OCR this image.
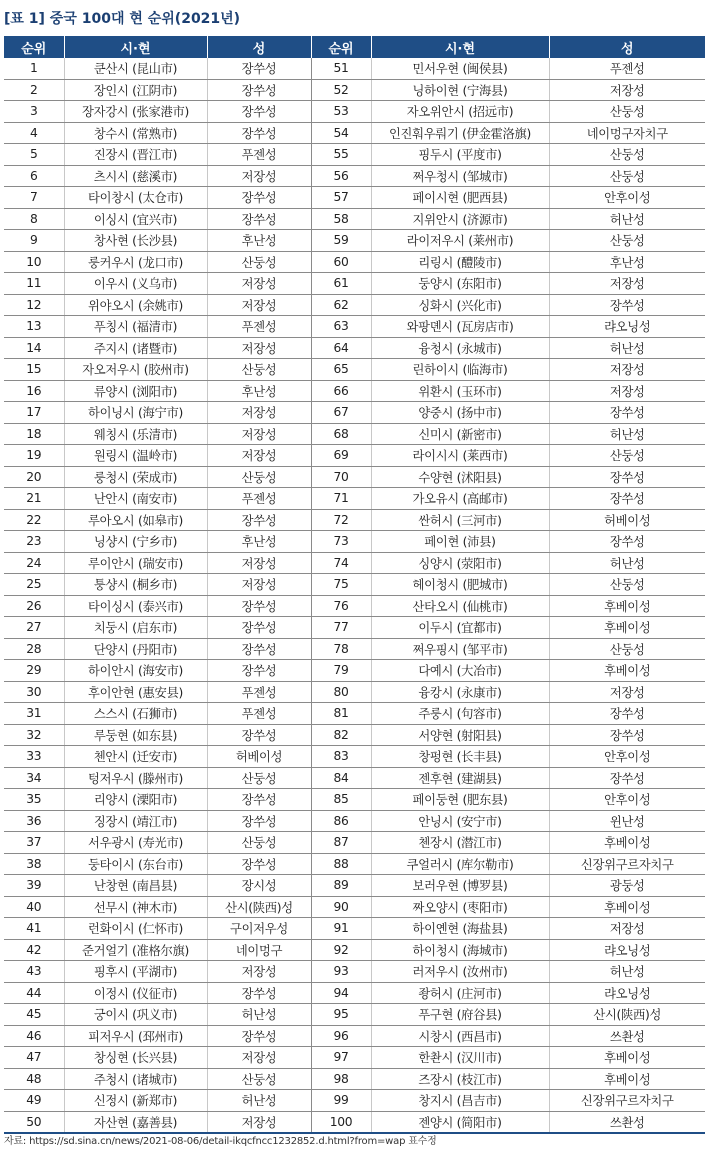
[표 1] 중국 100대 현 순위(2021년)
순위	시·현	성	순위	시·현	성
1	쿤산시 (昆山市)	장쑤성	51	민서우현 (闽侯县)	푸젠성
2	장인시 (江阴市)	장쑤성	52	닝하이현 (宁海县)	저장성
3	장자강시 (张家港市)	장쑤성	53	자오위안시 (招远市)	산둥성
4	창수시 (常熟市)	장쑤성	54	인진훠우뤄기 (伊金霍洛旗)	네이멍구자치구
5	진장시 (晋江市)	푸젠성	55	핑두시 (平度市)	산둥성
6	츠시시 (慈溪市)	저장성	56	쩌우청시 (邹城市)	산둥성
7	타이창시 (太仓市)	장쑤성	57	페이시현 (肥西县)	안후이성
8	이싱시 (宜兴市)	장쑤성	58	지위안시 (济源市)	허난성
9	창사현 (长沙县)	후난성	59	라이저우시 (莱州市)	산둥성
10	룽커우시 (龙口市)	산둥성	60	리링시 (醴陵市)	후난성
11	이우시 (义乌市)	저장성	61	둥양시 (东阳市)	저장성
12	위야오시 (余姚市)	저장성	62	싱화시 (兴化市)	장쑤성
13	푸칭시 (福清市)	푸젠성	63	와팡뎬시 (瓦房店市)	랴오닝성
14	주지시 (诸暨市)	저장성	64	융청시 (永城市)	허난성
15	자오저우시 (胶州市)	산둥성	65	린하이시 (临海市)	저장성
16	류양시 (浏阳市)	후난성	66	위환시 (玉环市)	저장성
17	하이닝시 (海宁市)	저장성	67	양중시 (扬中市)	장쑤성
18	웨칭시 (乐清市)	저장성	68	신미시 (新密市)	허난성
19	원링시 (温岭市)	저장성	69	라이시시 (莱西市)	산둥성
20	룽청시 (荣成市)	산둥성	70	수양현 (沭阳县)	장쑤성
21	난안시 (南安市)	푸젠성	71	가오유시 (高邮市)	장쑤성
22	루아오시 (如皋市)	장쑤성	72	싼허시 (三河市)	허베이성
23	닝샹시 (宁乡市)	후난성	73	페이현 (沛县)	장쑤성
24	루이안시 (瑞安市)	저장성	74	싱양시 (荥阳市)	허난성
25	퉁샹시 (桐乡市)	저장성	75	헤이청시 (肥城市)	산둥성
26	타이싱시 (泰兴市)	장쑤성	76	산타오시 (仙桃市)	후베이성
27	치둥시 (启东市)	장쑤성	77	이두시 (宜都市)	후베이성
28	단양시 (丹阳市)	장쑤성	78	쩌우핑시 (邹平市)	산둥성
29	하이안시 (海安市)	장쑤성	79	다예시 (大冶市)	후베이성
30	후이안현 (惠安县)	푸젠성	80	융캉시 (永康市)	저장성
31	스스시 (石狮市)	푸젠성	81	주룽시 (句容市)	장쑤성
32	루둥현 (如东县)	장쑤성	82	서양현 (射阳县)	장쑤성
33	첸안시 (迁安市)	허베이성	83	창펑현 (长丰县)	안후이성
34	텅저우시 (滕州市)	산둥성	84	젠후현 (建湖县)	장쑤성
35	리양시 (溧阳市)	장쑤성	85	페이둥현 (肥东县)	안후이성
36	징장시 (靖江市)	장쑤성	86	안닝시 (安宁市)	윈난성
37	서우광시 (寿光市)	산둥성	87	첸장시 (潜江市)	후베이성
38	둥타이시 (东台市)	장쑤성	88	쿠얼러시 (库尔勒市)	신장위구르자치구
39	난창현 (南昌县)	장시성	89	보러우현 (博罗县)	광둥성
40	선무시 (神木市)	산시(陕西)성	90	짜오양시 (枣阳市)	후베이성
41	런화이시 (仁怀市)	구이저우성	91	하이옌현 (海盐县)	저장성
42	준거얼기 (准格尔旗)	네이멍구	92	하이청시 (海城市)	랴오닝성
43	핑후시 (平湖市)	저장성	93	러저우시 (汝州市)	허난성
44	이정시 (仪征市)	장쑤성	94	좡허시 (庄河市)	랴오닝성
45	궁이시 (巩义市)	허난성	95	푸구현 (府谷县)	산시(陕西)성
46	피저우시 (邳州市)	장쑤성	96	시창시 (西昌市)	쓰촨성
47	창싱현 (长兴县)	저장성	97	한촨시 (汉川市)	후베이성
48	주청시 (诸城市)	산둥성	98	즈장시 (枝江市)	후베이성
49	신정시 (新郑市)	허난성	99	창지시 (昌吉市)	신장위구르자치구
50	자산현 (嘉善县)	저장성	100	젠양시 (简阳市)	쓰촨성
자료: https://sd.sina.cn/news/2021-08-06/detail-ikqcfncc1232852.d.html?from=wap 표수정
